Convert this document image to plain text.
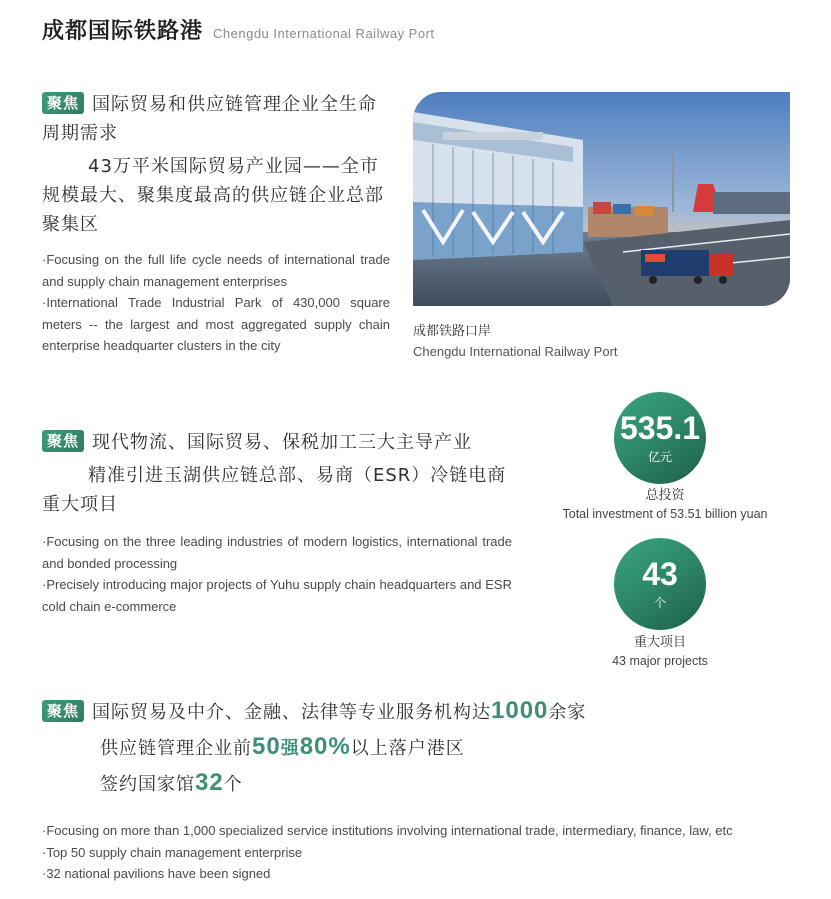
成都国际铁路港 Chengdu International Railway Port
聚焦 国际贸易和供应链管理企业全生命周期需求
43万平米国际贸易产业园——全市规模最大、聚集度最高的供应链企业总部聚集区

·Focusing on the full life cycle needs of international trade and supply chain management enterprises

·International Trade Industrial Park of 430,000 square meters -- the largest and most aggregated supply chain enterprise headquarter clusters in the city

成都铁路口岸
Chengdu International Railway Port
聚焦 现代物流、国际贸易、保税加工三大主导产业
精准引进玉湖供应链总部、易商（ESR）冷链电商重大项目

·Focusing on the three leading industries of modern logistics, international trade and bonded processing

·Precisely introducing major projects of Yuhu supply chain headquarters and ESR cold chain e-commerce

535.1
亿元
总投资
Total investment of 53.51 billion yuan
43
个
重大项目
43 major projects
聚焦 国际贸易及中介、金融、法律等专业服务机构达1000余家
供应链管理企业前50强80%以上落户港区
签约国家馆32个

·Focusing on more than 1,000 specialized service institutions involving international trade, intermediary, finance, law, etc

·Top 50 supply chain management enterprise

·32 national pavilions have been signed
